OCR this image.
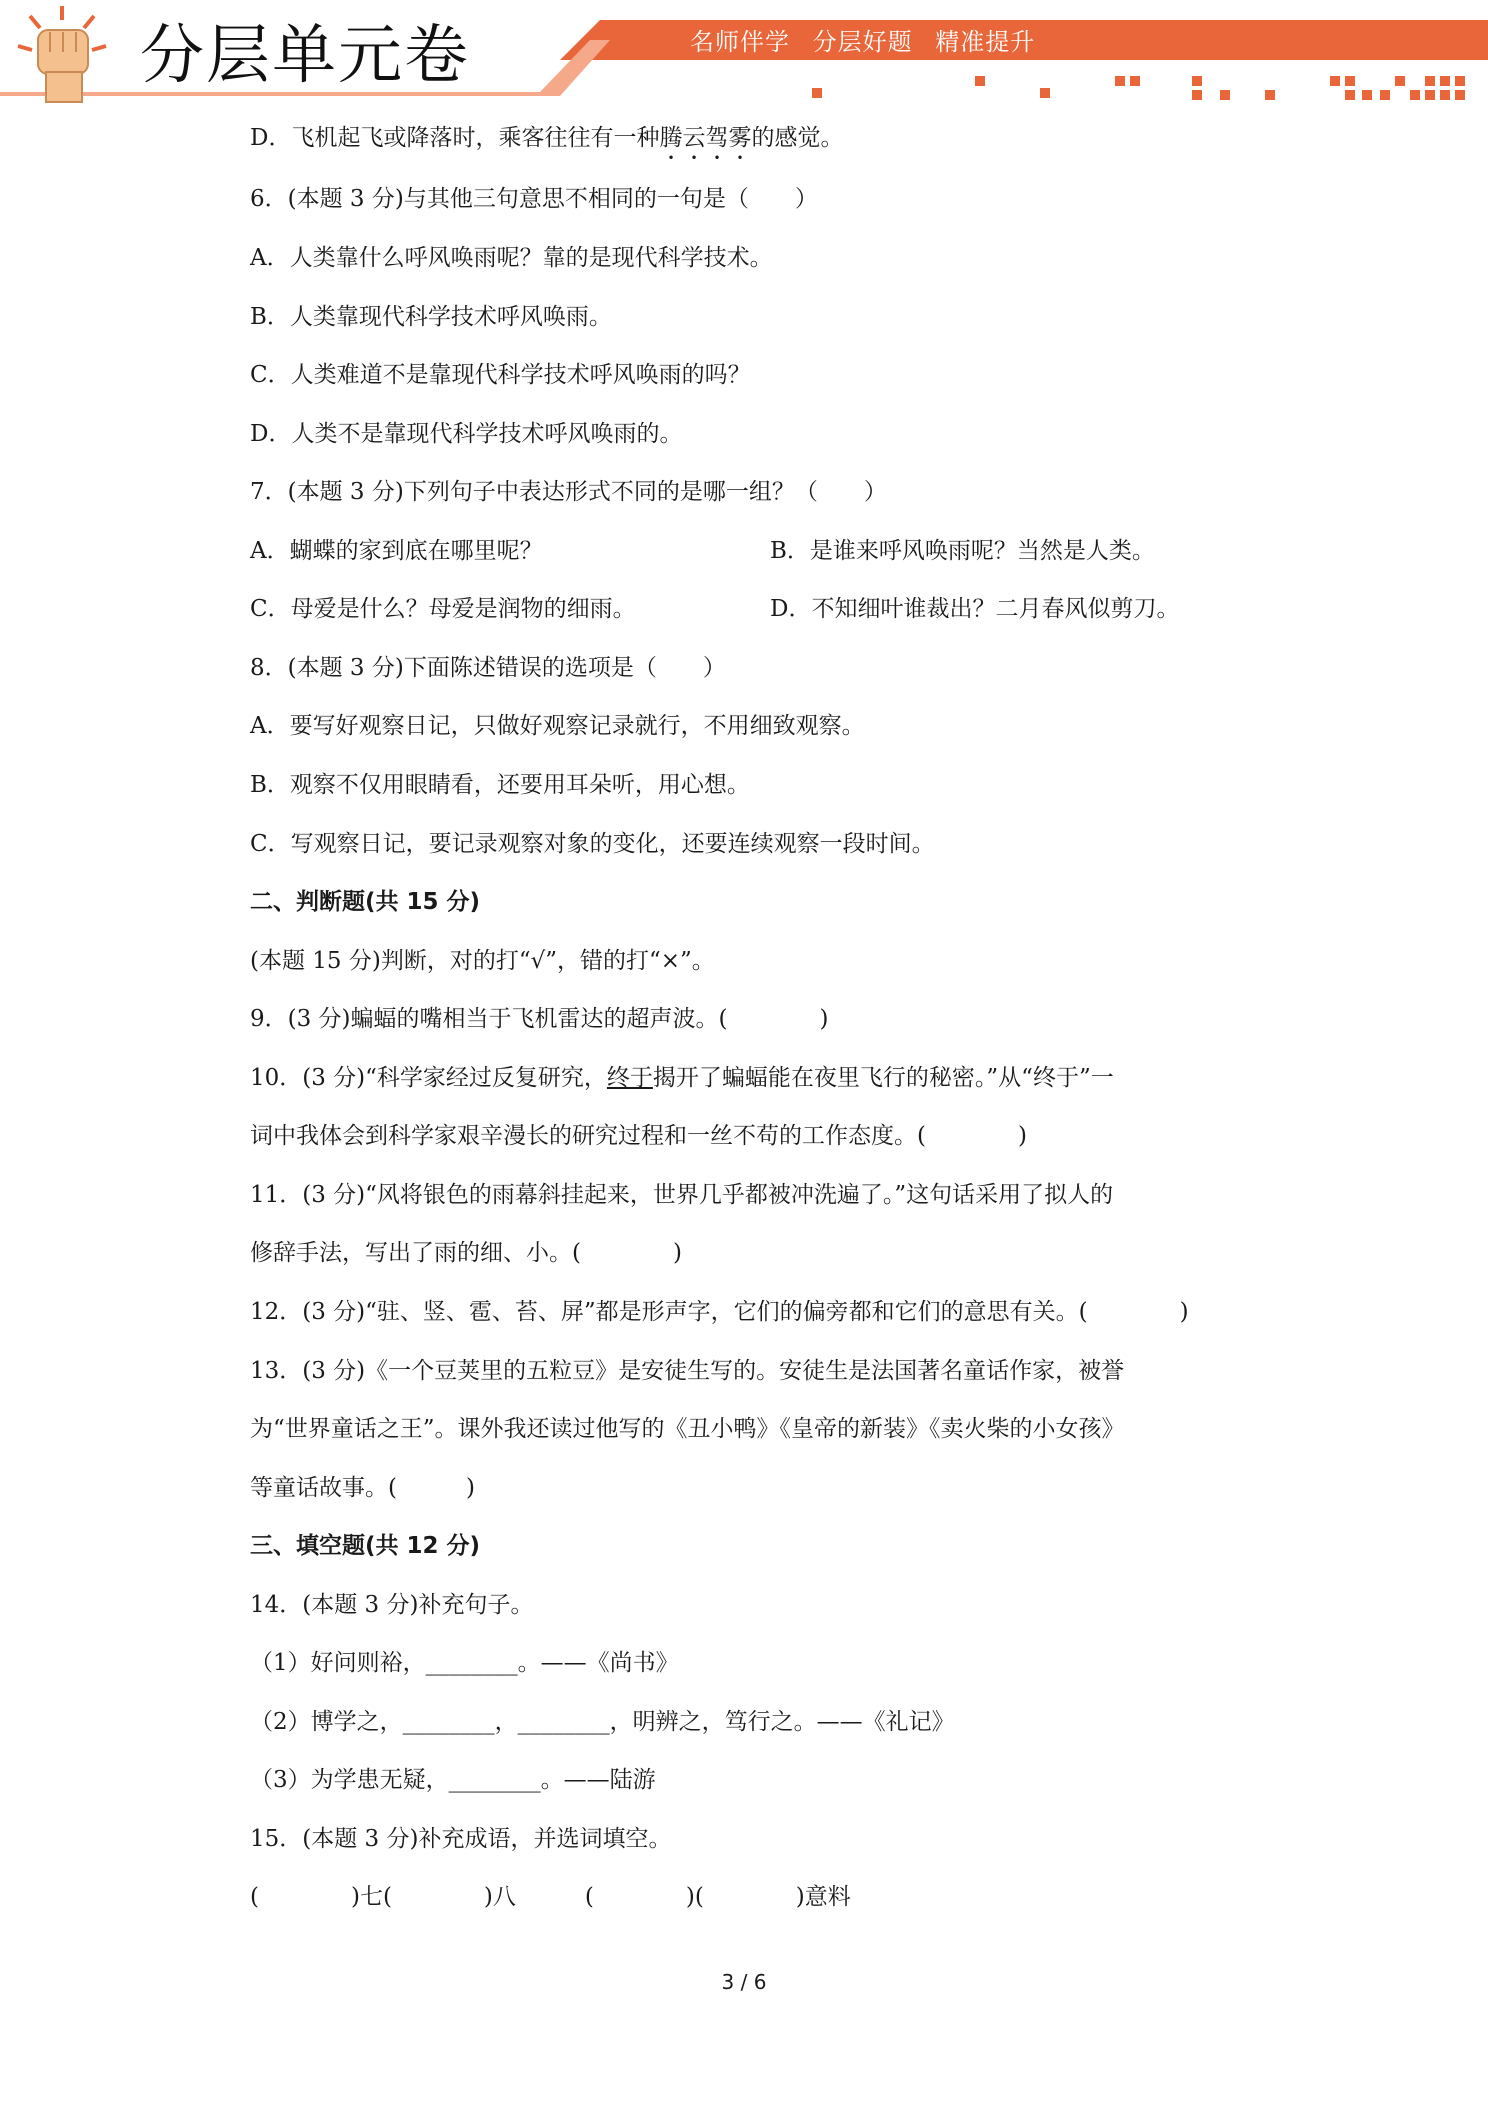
分层单元卷	名师伴学 分层好题 精准提升
D．飞机起飞或降落时，乘客往往有一种腾云驾雾的感觉。
6．(本题 3 分)与其他三句意思不相同的一句是（　　）
A．人类靠什么呼风唤雨呢？靠的是现代科学技术。
B．人类靠现代科学技术呼风唤雨。
C．人类难道不是靠现代科学技术呼风唤雨的吗？
D．人类不是靠现代科学技术呼风唤雨的。
7．(本题 3 分)下列句子中表达形式不同的是哪一组？（　　）
A．蝴蝶的家到底在哪里呢？	B．是谁来呼风唤雨呢？当然是人类。
C．母爱是什么？母爱是润物的细雨。	D．不知细叶谁裁出？二月春风似剪刀。
8．(本题 3 分)下面陈述错误的选项是（　　）
A．要写好观察日记，只做好观察记录就行，不用细致观察。
B．观察不仅用眼睛看，还要用耳朵听，用心想。
C．写观察日记，要记录观察对象的变化，还要连续观察一段时间。
二、判断题(共 15 分)
(本题 15 分)判断，对的打“√”，错的打“×”。
9．(3 分)蝙蝠的嘴相当于飞机雷达的超声波。(　　　　)
10．(3 分)“科学家经过反复研究，终于揭开了蝙蝠能在夜里飞行的秘密。”从“终于”一
词中我体会到科学家艰辛漫长的研究过程和一丝不苟的工作态度。(　　　　)
11．(3 分)“风将银色的雨幕斜挂起来，世界几乎都被冲洗遍了。”这句话采用了拟人的
修辞手法，写出了雨的细、小。(　　　　)
12．(3 分)“驻、竖、雹、苔、屏”都是形声字，它们的偏旁都和它们的意思有关。(　　　　)
13．(3 分)《一个豆荚里的五粒豆》是安徒生写的。安徒生是法国著名童话作家，被誉
为“世界童话之王”。课外我还读过他写的《丑小鸭》《皇帝的新装》《卖火柴的小女孩》
等童话故事。(　　　)
三、填空题(共 12 分)
14．(本题 3 分)补充句子。
（1）好问则裕，________。——《尚书》
（2）博学之，________，________，明辨之，笃行之。——《礼记》
（3）为学患无疑，________。——陆游
15．(本题 3 分)补充成语，并选词填空。
(　　　　)七(　　　　)八　　　(　　　　)(　　　　)意料
3 / 6
